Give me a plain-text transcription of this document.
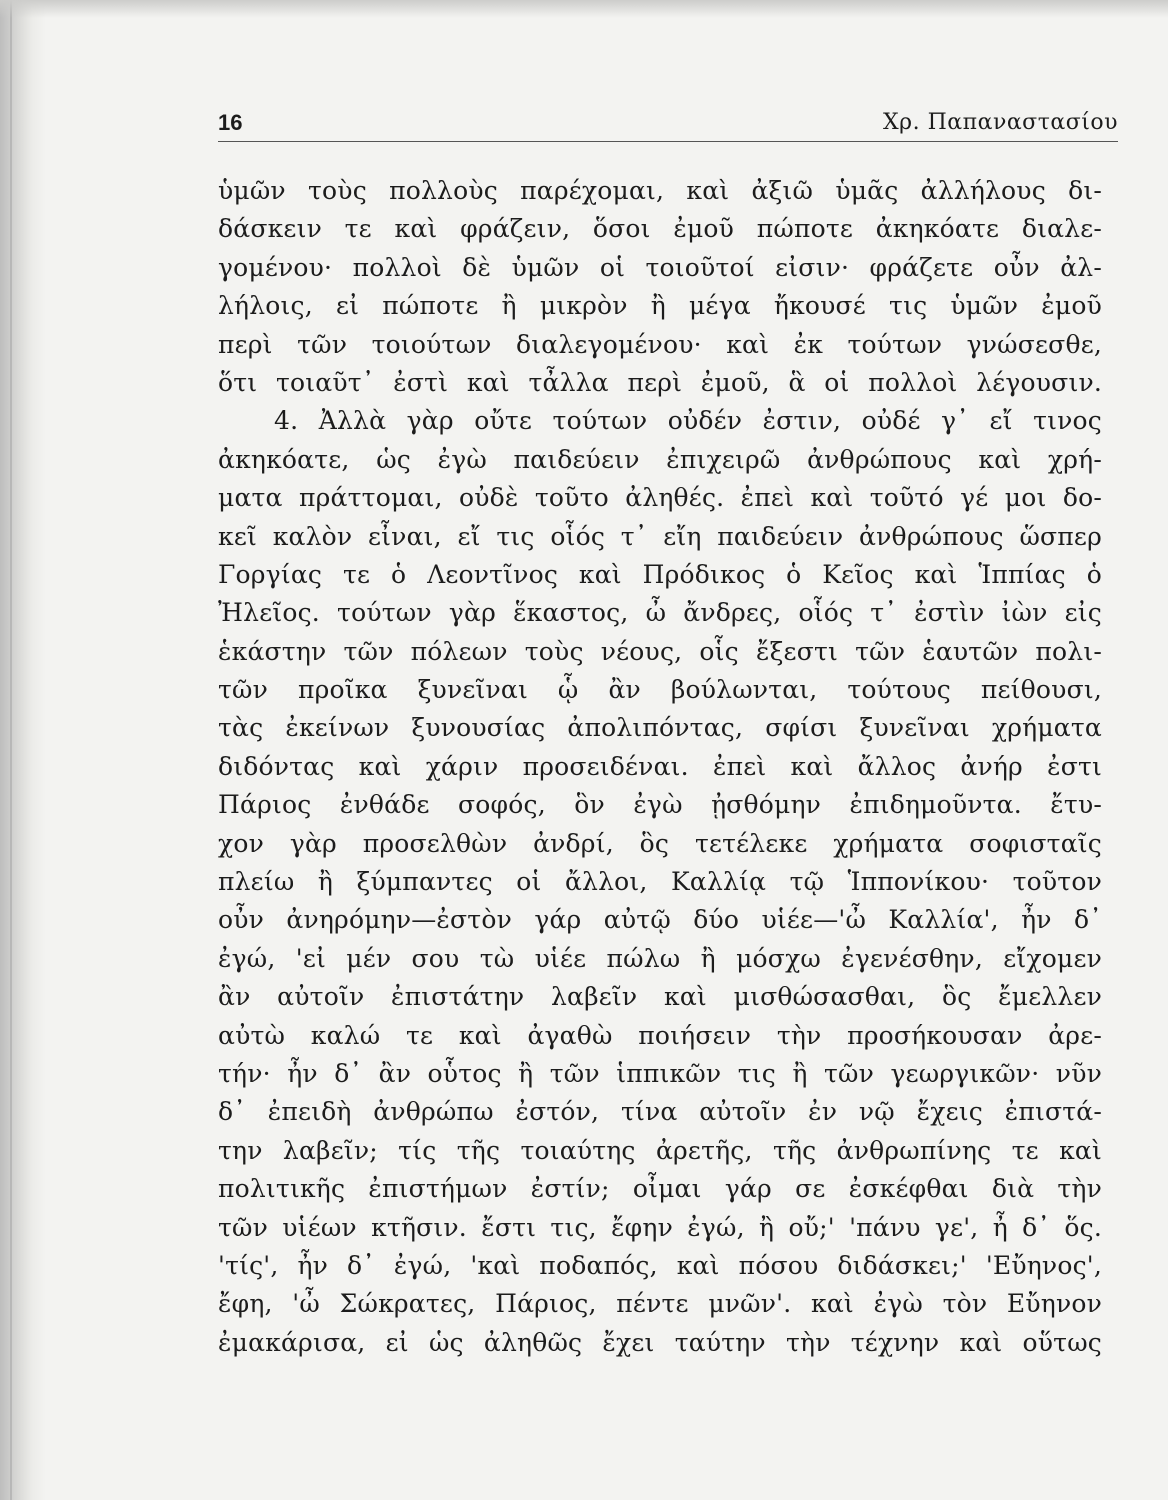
16	Χρ. Παπαναστασίου
ὑμῶν τοὺς πολλοὺς παρέχομαι, καὶ ἀξιῶ ὑμᾶς ἀλλήλους δι-
δάσκειν τε καὶ φράζειν, ὅσοι ἐμοῦ πώποτε ἀκηκόατε διαλε-
γομένου· πολλοὶ δὲ ὑμῶν οἱ τοιοῦτοί εἰσιν· φράζετε οὖν ἀλ-
λήλοις, εἰ πώποτε ἢ μικρὸν ἢ μέγα ἤκουσέ τις ὑμῶν ἐμοῦ
περὶ τῶν τοιούτων διαλεγομένου· καὶ ἐκ τούτων γνώσεσθε,
ὅτι τοιαῦτ᾽ ἐστὶ καὶ τἆλλα περὶ ἐμοῦ, ἃ οἱ πολλοὶ λέγουσιν.
4. Ἀλλὰ γὰρ οὔτε τούτων οὐδέν ἐστιν, οὐδέ γ᾽ εἴ τινος
ἀκηκόατε, ὡς ἐγὼ παιδεύειν ἐπιχειρῶ ἀνθρώπους καὶ χρή-
ματα πράττομαι, οὐδὲ τοῦτο ἀληθές. ἐπεὶ καὶ τοῦτό γέ μοι δο-
κεῖ καλὸν εἶναι, εἴ τις οἷός τ᾽ εἴη παιδεύειν ἀνθρώπους ὥσπερ
Γοργίας τε ὁ Λεοντῖνος καὶ Πρόδικος ὁ Κεῖος καὶ Ἱππίας ὁ
Ἠλεῖος. τούτων γὰρ ἕκαστος, ὦ ἄνδρες, οἷός τ᾽ ἐστὶν ἰὼν εἰς
ἑκάστην τῶν πόλεων τοὺς νέους, οἷς ἔξεστι τῶν ἑαυτῶν πολι-
τῶν προῖκα ξυνεῖναι ᾧ ἂν βούλωνται, τούτους πείθουσι,
τὰς ἐκείνων ξυνουσίας ἀπολιπόντας, σφίσι ξυνεῖναι χρήματα
διδόντας καὶ χάριν προσειδέναι. ἐπεὶ καὶ ἄλλος ἀνήρ ἐστι
Πάριος ἐνθάδε σοφός, ὃν ἐγὼ ᾐσθόμην ἐπιδημοῦντα. ἔτυ-
χον γὰρ προσελθὼν ἀνδρί, ὃς τετέλεκε χρήματα σοφισταῖς
πλείω ἢ ξύμπαντες οἱ ἄλλοι, Καλλίᾳ τῷ Ἱππονίκου· τοῦτον
οὖν ἀνηρόμην—ἐστὸν γάρ αὐτῷ δύο υἱέε—'ὦ Καλλία', ἦν δ᾽
ἐγώ, 'εἰ μέν σου τὼ υἱέε πώλω ἢ μόσχω ἐγενέσθην, εἴχομεν
ἂν αὐτοῖν ἐπιστάτην λαβεῖν καὶ μισθώσασθαι, ὃς ἔμελλεν
αὐτὼ καλώ τε καὶ ἀγαθὼ ποιήσειν τὴν προσήκουσαν ἀρε-
τήν· ἦν δ᾽ ἂν οὗτος ἢ τῶν ἱππικῶν τις ἢ τῶν γεωργικῶν· νῦν
δ᾽ ἐπειδὴ ἀνθρώπω ἐστόν, τίνα αὐτοῖν ἐν νῷ ἔχεις ἐπιστά-
την λαβεῖν; τίς τῆς τοιαύτης ἀρετῆς, τῆς ἀνθρωπίνης τε καὶ
πολιτικῆς ἐπιστήμων ἐστίν; οἶμαι γάρ σε ἐσκέφθαι διὰ τὴν
τῶν υἱέων κτῆσιν. ἔστι τις, ἔφην ἐγώ, ἢ οὔ;' 'πάνυ γε', ἦ δ᾽ ὅς.
'τίς', ἦν δ᾽ ἐγώ, 'καὶ ποδαπός, καὶ πόσου διδάσκει;' 'Εὔηνος',
ἔφη, 'ὦ Σώκρατες, Πάριος, πέντε μνῶν'. καὶ ἐγὼ τὸν Εὔηνον
ἐμακάρισα, εἰ ὡς ἀληθῶς ἔχει ταύτην τὴν τέχνην καὶ οὕτως
